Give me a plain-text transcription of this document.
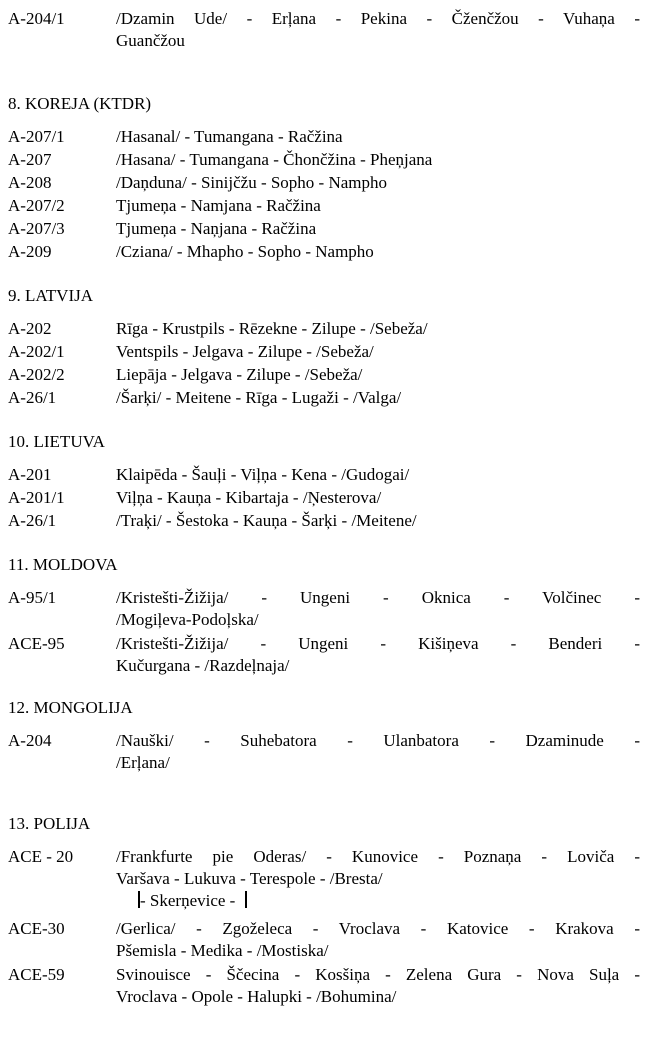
A-204/1	/Dzamin Ude/ - Erļana - Pekina - Čženčžou - Vuhaņa -
Guančžou
8. KOREJA (KTDR)
A-207/1	/Hasanal/ - Tumangana - Račžina
A-207	/Hasana/ - Tumangana - Čhončžina - Pheņjana
A-208	/Daņduna/ - Sinijčžu - Sopho - Nampho
A-207/2	Tjumeņa - Namjana - Račžina
A-207/3	Tjumeņa - Naņjana - Račžina
A-209	/Cziana/ - Mhapho - Sopho - Nampho
9. LATVIJA
A-202	Rīga - Krustpils - Rēzekne - Zilupe - /Sebeža/
A-202/1	Ventspils - Jelgava - Zilupe - /Sebeža/
A-202/2	Liepāja - Jelgava - Zilupe - /Sebeža/
A-26/1	/Šarķi/ - Meitene - Rīga - Lugaži - /Valga/
10. LIETUVA
A-201	Klaipēda - Šauļi - Viļņa - Kena - /Gudogai/
A-201/1	Viļņa - Kauņa - Kibartaja - /Ņesterova/
A-26/1	/Traķi/ - Šestoka - Kauņa - Šarķi - /Meitene/
11. MOLDOVA
A-95/1	/Kristešti-Žižija/ - Ungeni - Oknica - Volčinec -
/Mogiļeva-Podoļska/
ACE-95	/Kristešti-Žižija/ - Ungeni - Kišiņeva - Benderi -
Kučurgana - /Razdeļnaja/
12. MONGOLIJA
A-204	/Nauški/ - Suhebatora - Ulanbatora - Dzaminude -
/Erļana/
13. POLIJA
ACE - 20	/Frankfurte pie Oderas/ - Kunovice - Poznaņa - Loviča -
Varšava - Lukuva - Terespole - /Bresta/
- Skerņevice -
ACE-30	/Gerlica/ - Zgoželeca - Vroclava - Katovice - Krakova -
Pšemisla - Medika - /Mostiska/
ACE-59	Svinouisce - Ščecina - Kosšiņa - Zelena Gura - Nova Suļa -
Vroclava - Opole - Halupki - /Bohumina/
